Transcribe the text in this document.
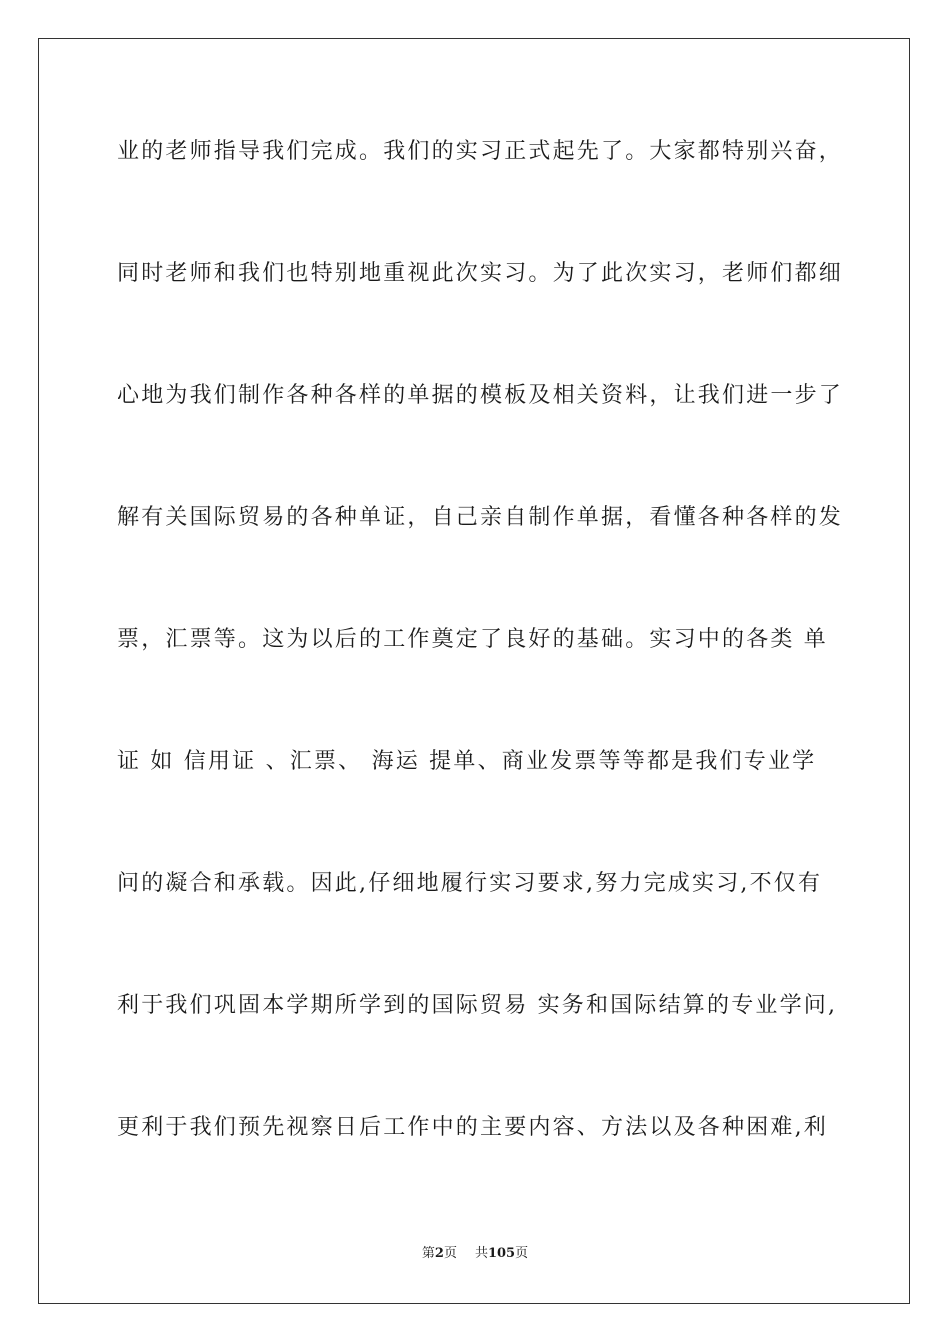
业的老师指导我们完成。我们的实习正式起先了。大家都特别兴奋，
同时老师和我们也特别地重视此次实习。为了此次实习，老师们都细
心地为我们制作各种各样的单据的模板及相关资料，让我们进一步了
解有关国际贸易的各种单证，自己亲自制作单据，看懂各种各样的发
票，汇票等。这为以后的工作奠定了良好的基础。实习中的各类 单
证 如 信用证 、汇票、 海运 提单、商业发票等等都是我们专业学
问的凝合和承载。因此,仔细地履行实习要求,努力完成实习,不仅有
利于我们巩固本学期所学到的国际贸易 实务和国际结算的专业学问,
更利于我们预先视察日后工作中的主要内容、方法以及各种困难,利
第2页 共105页
